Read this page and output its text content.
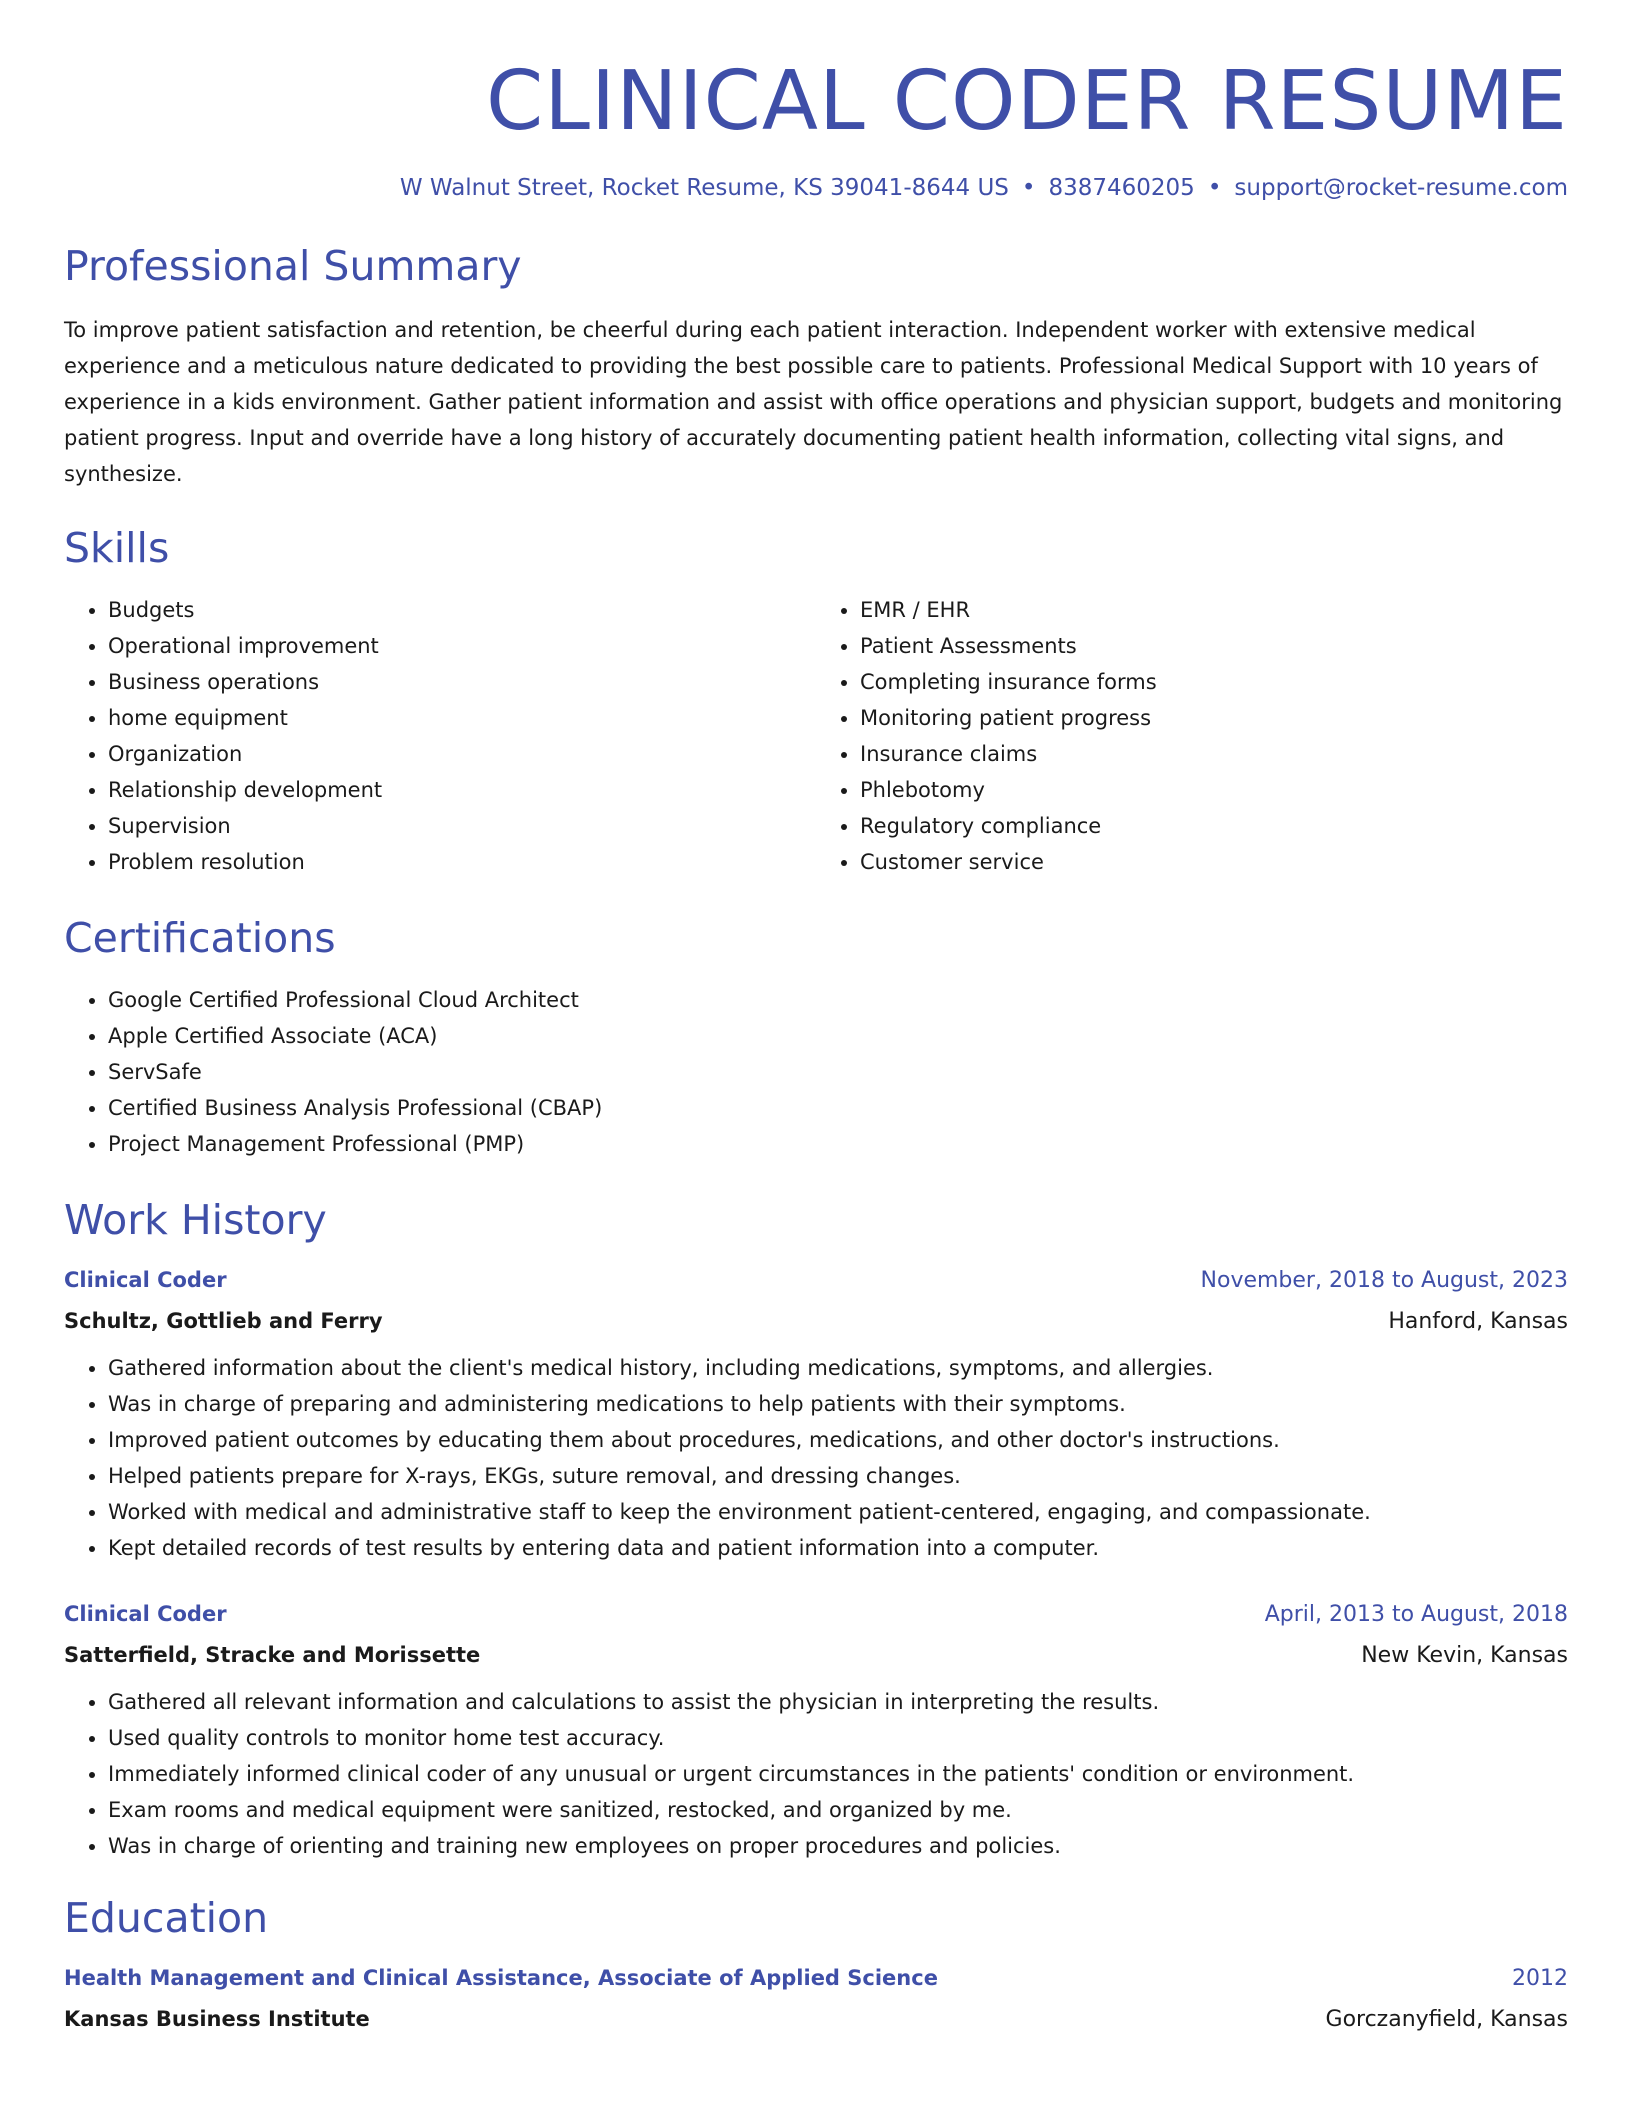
CLINICAL CODER RESUME
W Walnut Street, Rocket Resume, KS 39041-8644 US • 8387460205 • support@rocket-resume.com
Professional Summary

To improve patient satisfaction and retention, be cheerful during each patient interaction. Independent worker with extensive medical experience and a meticulous nature dedicated to providing the best possible care to patients. Professional Medical Support with 10 years of experience in a kids environment. Gather patient information and assist with office operations and physician support, budgets and monitoring patient progress. Input and override have a long history of accurately documenting patient health information, collecting vital signs, and synthesize.

Skills
• Budgets
• Operational improvement
• Business operations
• home equipment
• Organization
• Relationship development
• Supervision
• Problem resolution
• EMR / EHR
• Patient Assessments
• Completing insurance forms
• Monitoring patient progress
• Insurance claims
• Phlebotomy
• Regulatory compliance
• Customer service
Certifications
• Google Certified Professional Cloud Architect
• Apple Certified Associate (ACA)
• ServSafe
• Certified Business Analysis Professional (CBAP)
• Project Management Professional (PMP)
Work History
Clinical Coder	November, 2018 to August, 2023
Schultz, Gottlieb and Ferry	Hanford, Kansas
• Gathered information about the client's medical history, including medications, symptoms, and allergies.
• Was in charge of preparing and administering medications to help patients with their symptoms.
• Improved patient outcomes by educating them about procedures, medications, and other doctor's instructions.
• Helped patients prepare for X-rays, EKGs, suture removal, and dressing changes.
• Worked with medical and administrative staff to keep the environment patient-centered, engaging, and compassionate.
• Kept detailed records of test results by entering data and patient information into a computer.
Clinical Coder	April, 2013 to August, 2018
Satterfield, Stracke and Morissette	New Kevin, Kansas
• Gathered all relevant information and calculations to assist the physician in interpreting the results.
• Used quality controls to monitor home test accuracy.
• Immediately informed clinical coder of any unusual or urgent circumstances in the patients' condition or environment.
• Exam rooms and medical equipment were sanitized, restocked, and organized by me.
• Was in charge of orienting and training new employees on proper procedures and policies.
Education
Health Management and Clinical Assistance, Associate of Applied Science	2012
Kansas Business Institute	Gorczanyfield, Kansas
